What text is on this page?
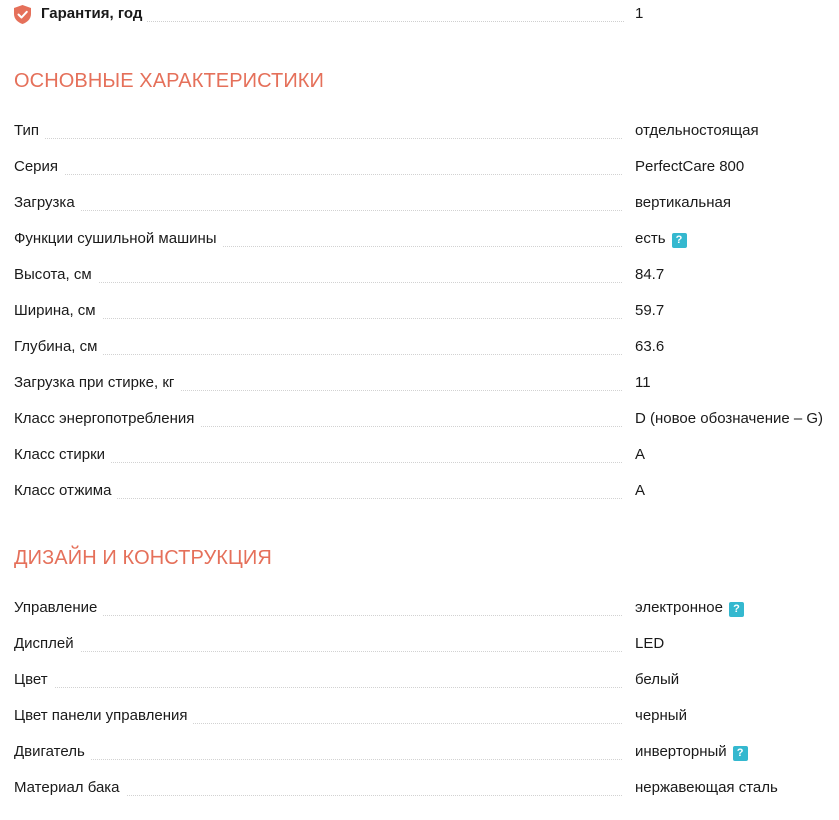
Гарантия, год	1
ОСНОВНЫЕ ХАРАКТЕРИСТИКИ
Тип	отдельностоящая
Серия	PerfectCare 800
Загрузка	вертикальная
Функции сушильной машины	есть ?
Высота, см	84.7
Ширина, см	59.7
Глубина, см	63.6
Загрузка при стирке, кг	11
Класс энергопотребления	D (новое обозначение – G)
Класс стирки	A
Класс отжима	A
ДИЗАЙН И КОНСТРУКЦИЯ
Управление	электронное ?
Дисплей	LED
Цвет	белый
Цвет панели управления	черный
Двигатель	инверторный ?
Материал бака	нержавеющая сталь
